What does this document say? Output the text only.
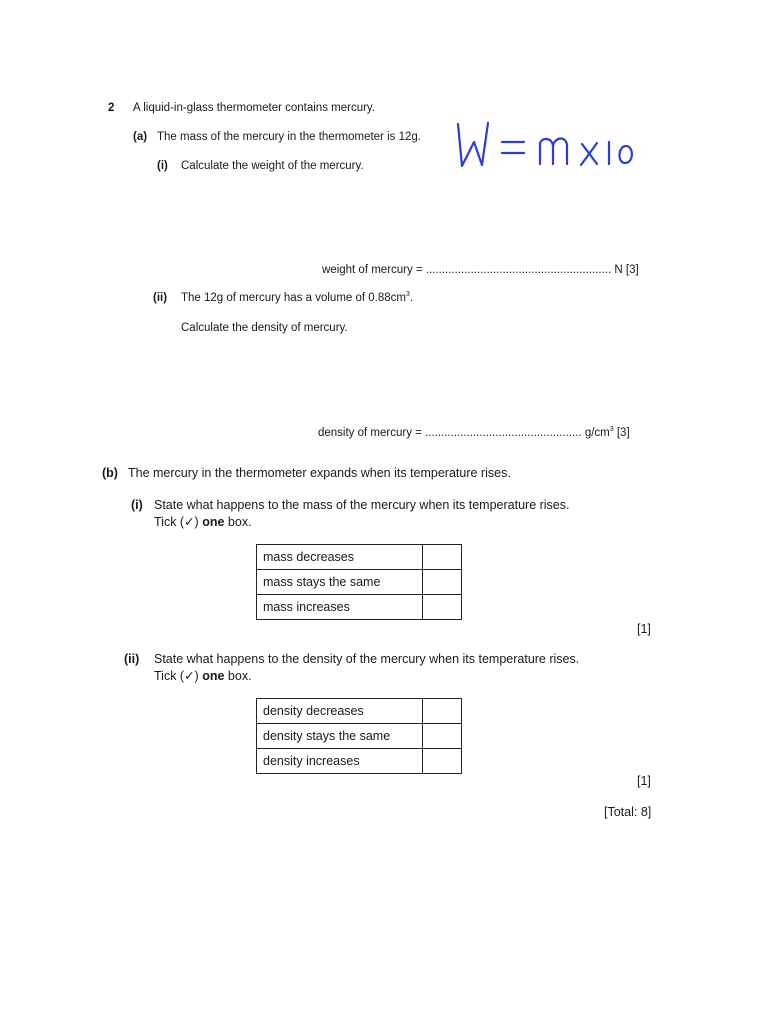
2 A liquid-in-glass thermometer contains mercury.
(a) The mass of the mercury in the thermometer is 12g.
(i) Calculate the weight of the mercury.
weight of mercury = .......................................................... N [3]
(ii) The 12g of mercury has a volume of $0.88cm^3$.
Calculate the density of mercury.
density of mercury = ................................................. $g/cm^3$ [3]
(b) The mercury in the thermometer expands when its temperature rises.
(i) State what happens to the mass of the mercury when its temperature rises.
Tick (✓) one box.
mass decreases	
mass stays the same	
mass increases	
[1]
(ii) State what happens to the density of the mercury when its temperature rises.
Tick (✓) one box.
density decreases	
density stays the same	
density increases	
[1]
[Total: 8]
